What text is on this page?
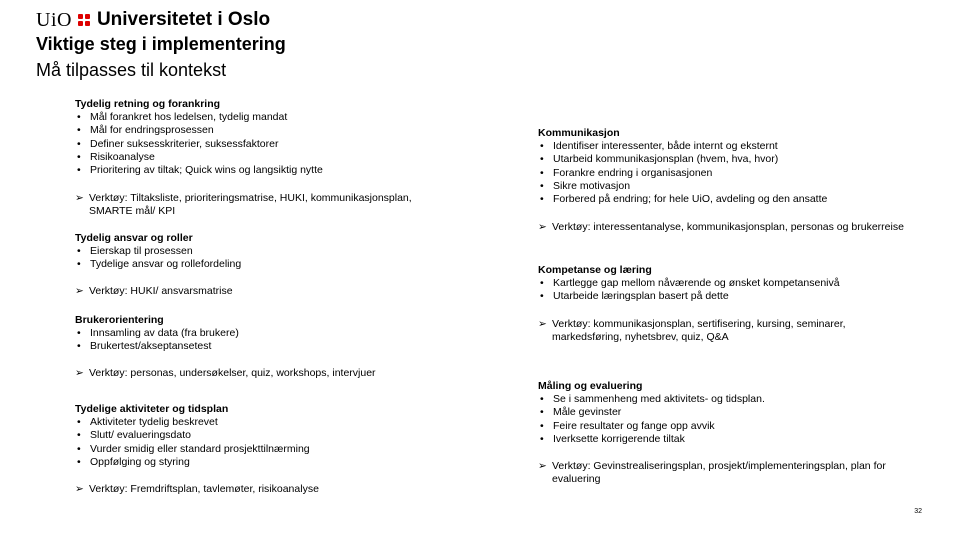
UiO Universitetet i Oslo
Viktige steg i implementering
Må tilpasses til kontekst
Tydelig retning og forankring
• Mål forankret hos ledelsen, tydelig mandat
• Mål for endringsprosessen
• Definer suksesskriterier, suksessfaktorer
• Risikoanalyse
• Prioritering av tiltak; Quick wins og langsiktig nytte
➢ Verktøy: Tiltaksliste, prioriteringsmatrise, HUKI, kommunikasjonsplan, SMARTE mål/ KPI
Tydelig ansvar og roller
• Eierskap til prosessen
• Tydelige ansvar og rollefordeling
➢ Verktøy: HUKI/ ansvarsmatrise
Brukerorientering
• Innsamling av data (fra brukere)
• Brukertest/akseptansetest
➢ Verktøy: personas, undersøkelser, quiz, workshops, intervjuer
Tydelige aktiviteter og tidsplan
• Aktiviteter tydelig beskrevet
• Slutt/ evalueringsdato
• Vurder smidig eller standard prosjekttilnærming
• Oppfølging og styring
➢ Verktøy: Fremdriftsplan, tavlemøter, risikoanalyse
Kommunikasjon
• Identifiser interessenter, både internt og eksternt
• Utarbeid kommunikasjonsplan (hvem, hva, hvor)
• Forankre endring i organisasjonen
• Sikre motivasjon
• Forbered på endring; for hele UiO, avdeling og den ansatte
➢ Verktøy: interessentanalyse, kommunikasjonsplan, personas og brukerreise
Kompetanse og læring
• Kartlegge gap mellom nåværende og ønsket kompetansenivå
• Utarbeide læringsplan basert på dette
➢ Verktøy: kommunikasjonsplan, sertifisering, kursing, seminarer, markedsføring, nyhetsbrev, quiz, Q&A
Måling og evaluering
• Se i sammenheng med aktivitets- og tidsplan.
• Måle gevinster
• Feire resultater og fange opp avvik
• Iverksette korrigerende tiltak
➢ Verktøy: Gevinstrealiseringsplan, prosjekt/implementeringsplan, plan for evaluering
32
